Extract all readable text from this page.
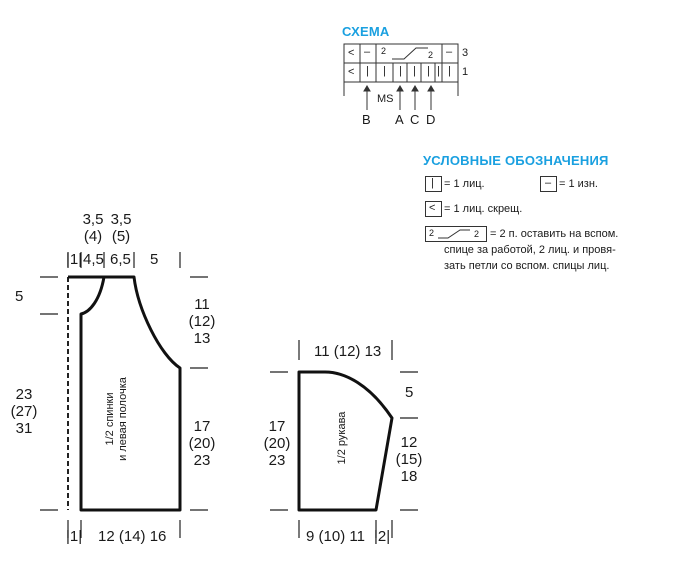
СХЕМА
< – 2	2 –
< | | | | | | |
3
1
MS
B A C D
УСЛОВНЫЕ ОБОЗНАЧЕНИЯ
| = 1 лиц.	– = 1 изн.
< = 1 лиц. скрещ.
2	2 = 2 п. оставить на вспом.
спице за работой, 2 лиц. и провя-
зать петли со вспом. спицы лиц.
3,5
(4)
3,5
(5)
|1| 4,5 6,5 5
5
23
(27)
31
11
(12)
13
17
(20)
23
|1| 12 (14) 16
1/2 спинки и левая полочка
11 (12) 13
17
(20)
23
5
12
(15)
18
9 (10) 11 |2|
1/2 рукава
